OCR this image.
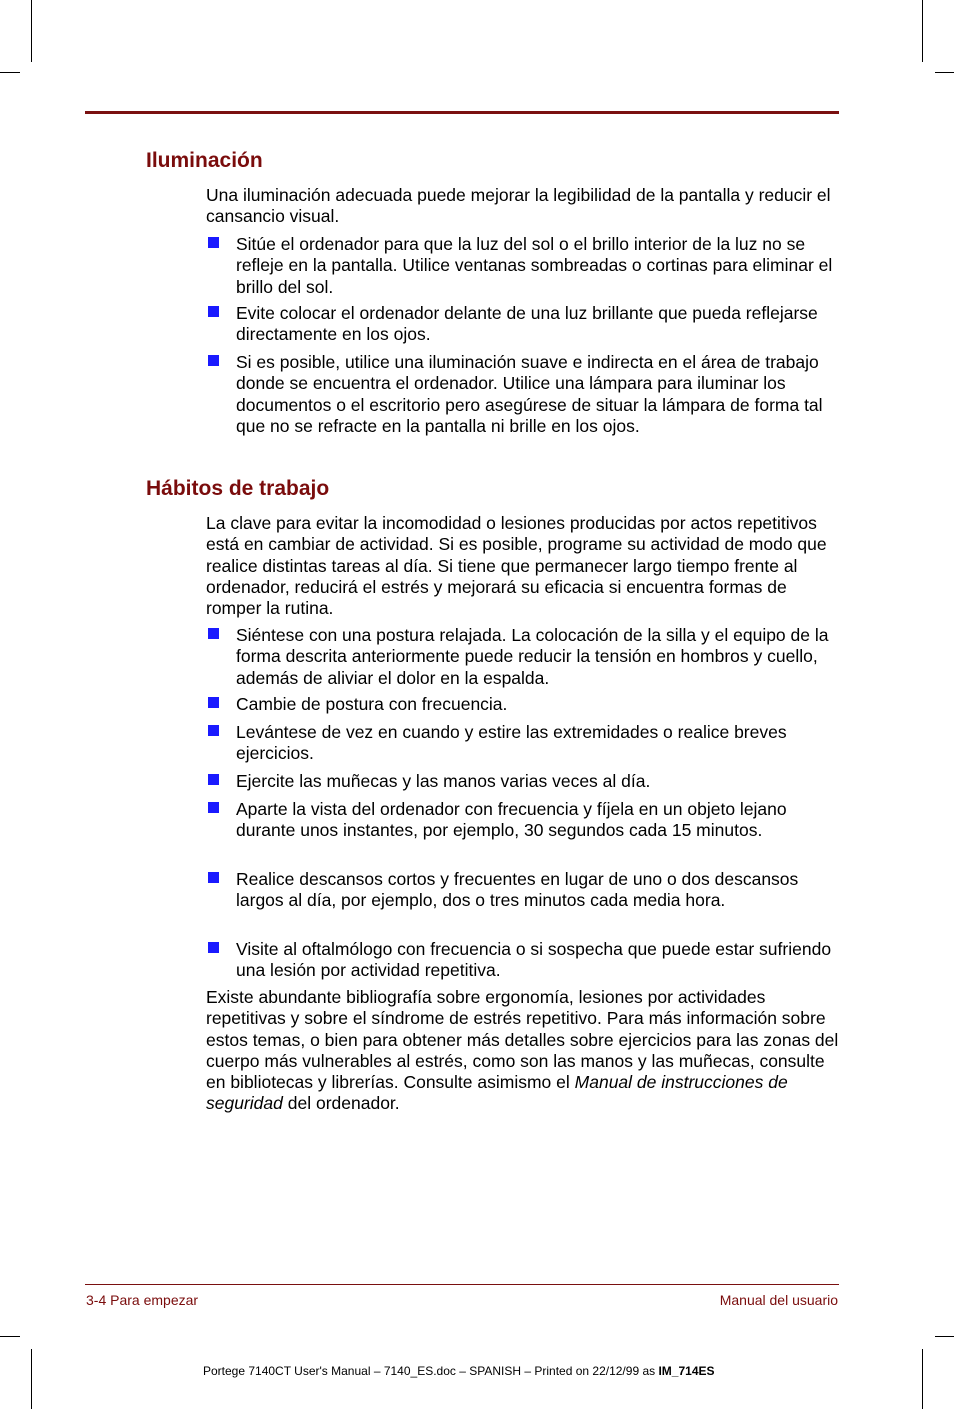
Iluminación

Una iluminación adecuada puede mejorar la legibilidad de la pantalla y reducir el cansancio visual.

Sitúe el ordenador para que la luz del sol o el brillo interior de la luz no se refleje en la pantalla. Utilice ventanas sombreadas o cortinas para eliminar el brillo del sol.
Evite colocar el ordenador delante de una luz brillante que pueda reflejarse directamente en los ojos.
Si es posible, utilice una iluminación suave e indirecta en el área de trabajo donde se encuentra el ordenador. Utilice una lámpara para iluminar los documentos o el escritorio pero asegúrese de situar la lámpara de forma tal que no se refracte en la pantalla ni brille en los ojos.
Hábitos de trabajo

La clave para evitar la incomodidad o lesiones producidas por actos repetitivos está en cambiar de actividad. Si es posible, programe su actividad de modo que realice distintas tareas al día. Si tiene que permanecer largo tiempo frente al ordenador, reducirá el estrés y mejorará su eficacia si encuentra formas de romper la rutina.

Siéntese con una postura relajada. La colocación de la silla y el equipo de la forma descrita anteriormente puede reducir la tensión en hombros y cuello, además de aliviar el dolor en la espalda.
Cambie de postura con frecuencia.
Levántese de vez en cuando y estire las extremidades o realice breves ejercicios.
Ejercite las muñecas y las manos varias veces al día.
Aparte la vista del ordenador con frecuencia y fíjela en un objeto lejano durante unos instantes, por ejemplo, 30 segundos cada 15 minutos.
Realice descansos cortos y frecuentes en lugar de uno o dos descansos largos al día, por ejemplo, dos o tres minutos cada media hora.
Visite al oftalmólogo con frecuencia o si sospecha que puede estar sufriendo una lesión por actividad repetitiva.

Existe abundante bibliografía sobre ergonomía, lesiones por actividades repetitivas y sobre el síndrome de estrés repetitivo. Para más información sobre estos temas, o bien para obtener más detalles sobre ejercicios para las zonas del cuerpo más vulnerables al estrés, como son las manos y las muñecas, consulte en bibliotecas y librerías. Consulte asimismo el Manual de instrucciones de seguridad del ordenador.

3-4 Para empezar	Manual del usuario
Portege 7140CT User's Manual – 7140_ES.doc – SPANISH – Printed on 22/12/99 as IM_714ES
